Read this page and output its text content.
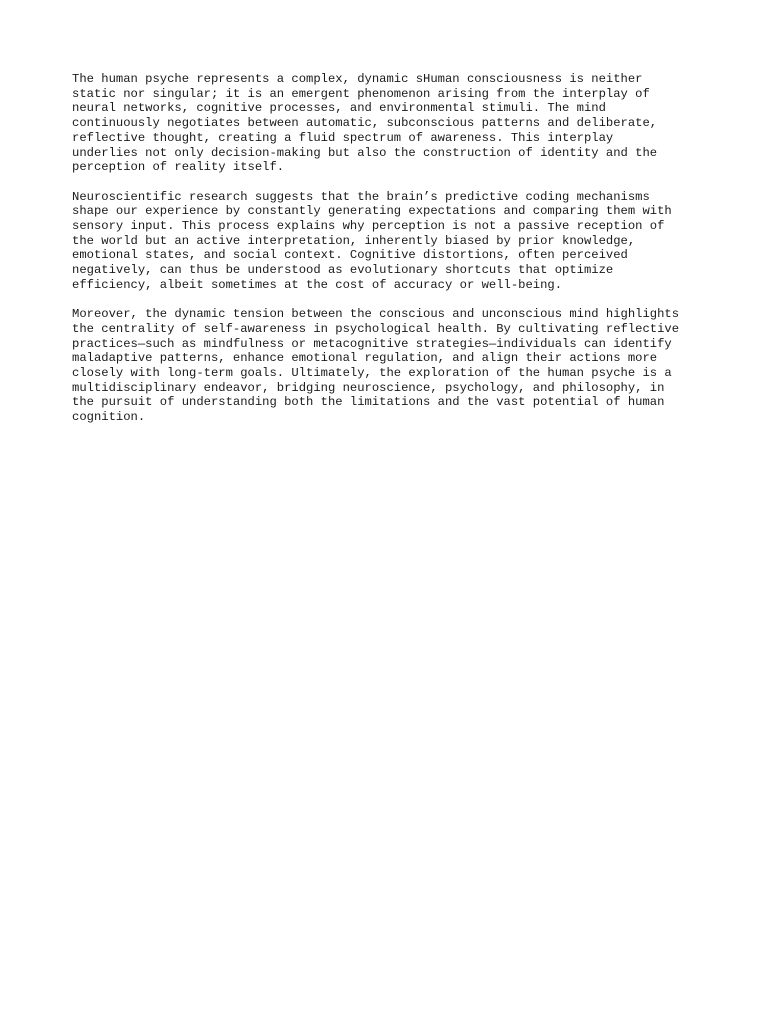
The human psyche represents a complex, dynamic sHuman consciousness is neither
static nor singular; it is an emergent phenomenon arising from the interplay of
neural networks, cognitive processes, and environmental stimuli. The mind
continuously negotiates between automatic, subconscious patterns and deliberate,
reflective thought, creating a fluid spectrum of awareness. This interplay
underlies not only decision-making but also the construction of identity and the
perception of reality itself.

Neuroscientific research suggests that the brain’s predictive coding mechanisms
shape our experience by constantly generating expectations and comparing them with
sensory input. This process explains why perception is not a passive reception of
the world but an active interpretation, inherently biased by prior knowledge,
emotional states, and social context. Cognitive distortions, often perceived
negatively, can thus be understood as evolutionary shortcuts that optimize
efficiency, albeit sometimes at the cost of accuracy or well-being.

Moreover, the dynamic tension between the conscious and unconscious mind highlights
the centrality of self-awareness in psychological health. By cultivating reflective
practices—such as mindfulness or metacognitive strategies—individuals can identify
maladaptive patterns, enhance emotional regulation, and align their actions more
closely with long-term goals. Ultimately, the exploration of the human psyche is a
multidisciplinary endeavor, bridging neuroscience, psychology, and philosophy, in
the pursuit of understanding both the limitations and the vast potential of human
cognition.
